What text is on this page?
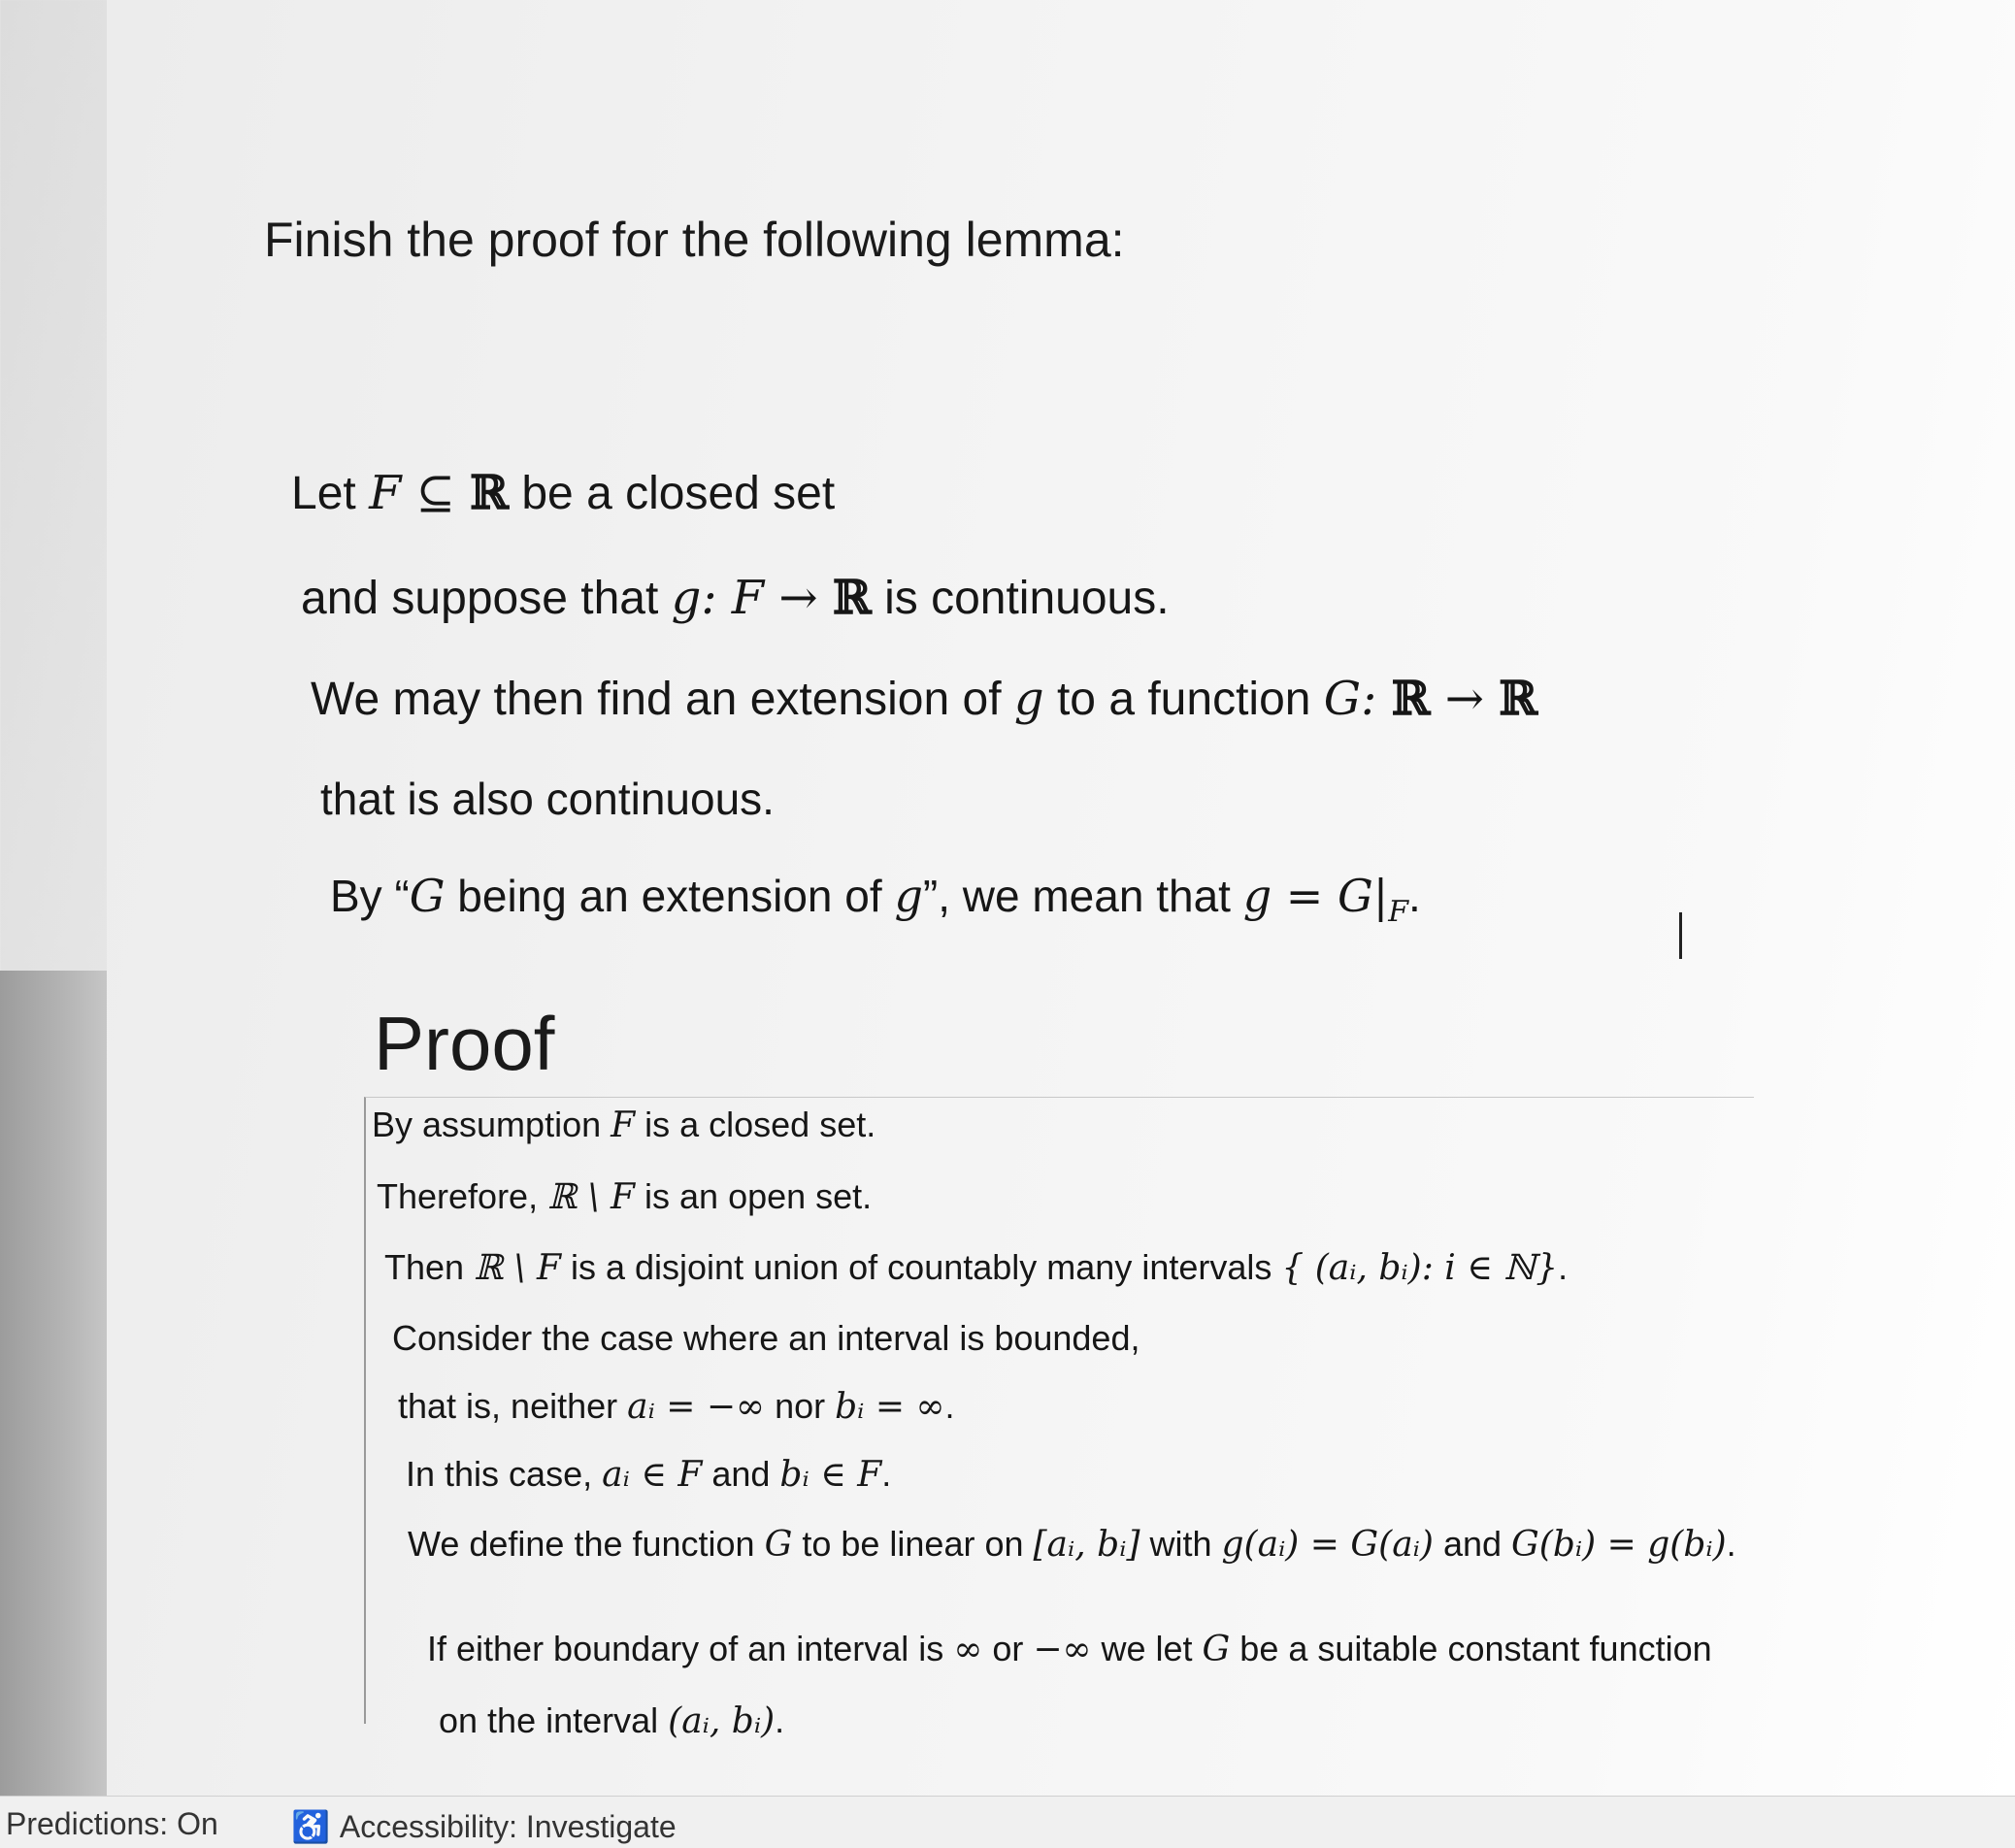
Finish the proof for the following lemma:
Let F ⊆ ℝ be a closed set
and suppose that g: F → ℝ is continuous.
We may then find an extension of g to a function G: ℝ → ℝ
that is also continuous.
By “G being an extension of g”, we mean that $g = G|_F$.
Proof
By assumption F is a closed set.
Therefore, ℝ \ F is an open set.
Then ℝ \ F is a disjoint union of countably many intervals { (aᵢ, bᵢ): i ∈ ℕ}.
Consider the case where an interval is bounded,
that is, neither aᵢ = −∞ nor bᵢ = ∞.
In this case, aᵢ ∈ F and bᵢ ∈ F.
We define the function G to be linear on [aᵢ, bᵢ] with g(aᵢ) = G(aᵢ) and G(bᵢ) = g(bᵢ).
If either boundary of an interval is ∞ or −∞ we let G be a suitable constant function
on the interval (aᵢ, bᵢ).
Predictions: On ♿ Accessibility: Investigate
